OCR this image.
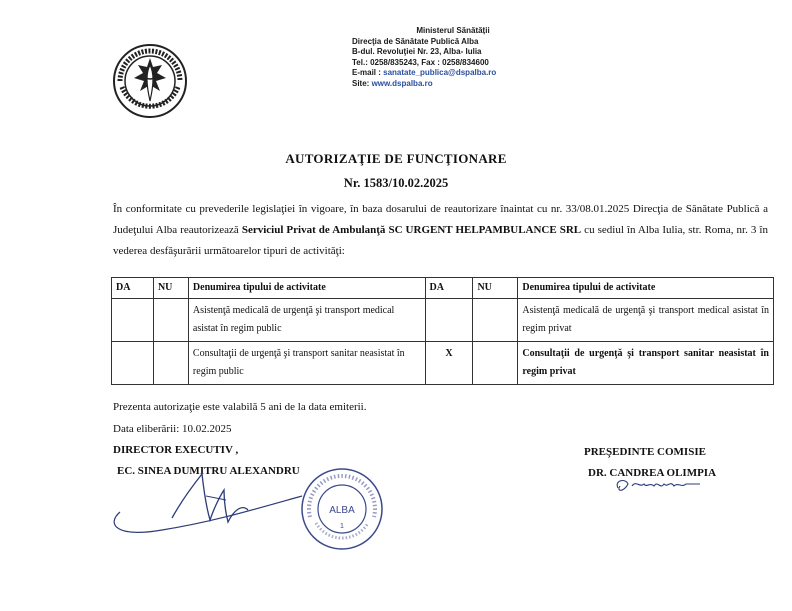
Ministerul Sănătății
Direcţia de Sănătate Publică Alba
B-dul. Revoluţiei Nr. 23, Alba- Iulia
Tel.: 0258/835243, Fax : 0258/834600
E-mail : sanatate_publica@dspalba.ro
Site: www.dspalba.ro
AUTORIZAŢIE DE FUNCŢIONARE
Nr. 1583/10.02.2025
În conformitate cu prevederile legislaţiei în vigoare, în baza dosarului de reautorizare înaintat cu nr. 33/08.01.2025 Direcţia de Sănătate Publică a Judeţului Alba reautorizează Serviciul Privat de Ambulanţă SC URGENT HELPAMBULANCE SRL cu sediul în Alba Iulia, str. Roma, nr. 3 în vederea desfăşurării următoarelor tipuri de activităţi:
DA	NU	Denumirea tipului de activitate	DA	NU	Denumirea tipului de activitate
		Asistenţă medicală de urgenţă şi transport medical asistat în regim public			Asistenţă medicală de urgenţă şi transport medical asistat în regim privat
		Consultaţii de urgenţă şi transport sanitar neasistat în regim public	X		Consultaţii de urgenţă şi transport sanitar neasistat în regim privat
Prezenta autorizaţie este valabilă 5 ani de la data emiterii.
Data eliberării: 10.02.2025
DIRECTOR EXECUTIV ,
EC. SINEA DUMITRU ALEXANDRU
PREŞEDINTE COMISIE
DR. CANDREA OLIMPIA
ALBA
1
